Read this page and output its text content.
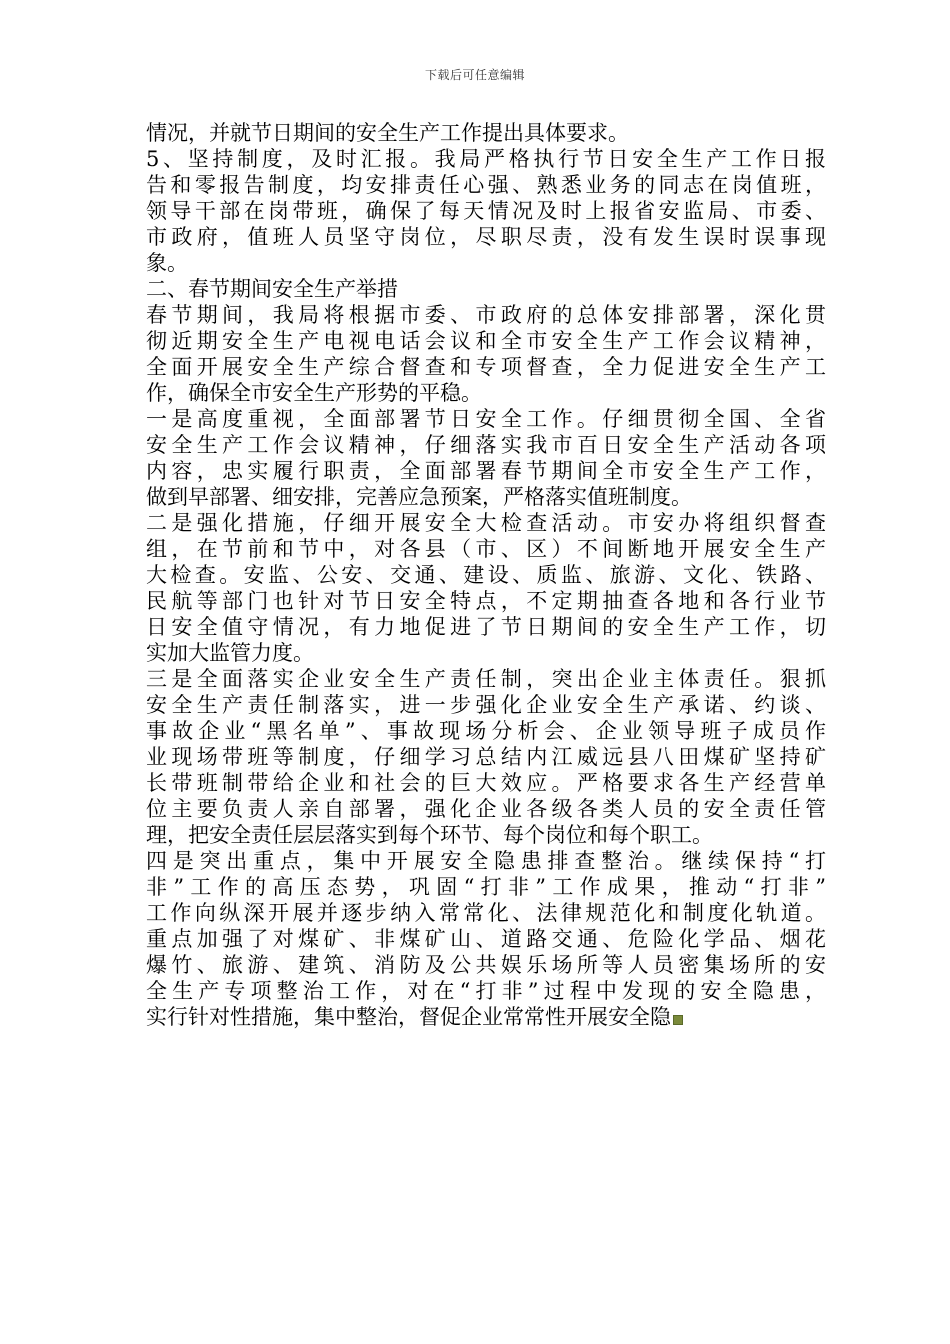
下载后可任意编辑
情况，并就节日期间的安全生产工作提出具体要求。
5、坚持制度，及时汇报。我局严格执行节日安全生产工作日报
告和零报告制度，均安排责任心强、熟悉业务的同志在岗值班，
领导干部在岗带班，确保了每天情况及时上报省安监局、市委、
市政府，值班人员坚守岗位，尽职尽责，没有发生误时误事现
象。
二、春节期间安全生产举措
春节期间，我局将根据市委、市政府的总体安排部署，深化贯
彻近期安全生产电视电话会议和全市安全生产工作会议精神，
全面开展安全生产综合督查和专项督查，全力促进安全生产工
作，确保全市安全生产形势的平稳。
一是高度重视，全面部署节日安全工作。仔细贯彻全国、全省
安全生产工作会议精神，仔细落实我市百日安全生产活动各项
内容，忠实履行职责，全面部署春节期间全市安全生产工作，
做到早部署、细安排，完善应急预案，严格落实值班制度。
二是强化措施，仔细开展安全大检查活动。市安办将组织督查
组，在节前和节中，对各县（市、区）不间断地开展安全生产
大检查。安监、公安、交通、建设、质监、旅游、文化、铁路、
民航等部门也针对节日安全特点，不定期抽查各地和各行业节
日安全值守情况，有力地促进了节日期间的安全生产工作，切
实加大监管力度。
三是全面落实企业安全生产责任制，突出企业主体责任。狠抓
安全生产责任制落实，进一步强化企业安全生产承诺、约谈、
事故企业“黑名单”、事故现场分析会、企业领导班子成员作
业现场带班等制度，仔细学习总结内江威远县八田煤矿坚持矿
长带班制带给企业和社会的巨大效应。严格要求各生产经营单
位主要负责人亲自部署，强化企业各级各类人员的安全责任管
理，把安全责任层层落实到每个环节、每个岗位和每个职工。
四是突出重点，集中开展安全隐患排查整治。继续保持“打
非”工作的高压态势，巩固“打非”工作成果，推动“打非”
工作向纵深开展并逐步纳入常常化、法律规范化和制度化轨道。
重点加强了对煤矿、非煤矿山、道路交通、危险化学品、烟花
爆竹、旅游、建筑、消防及公共娱乐场所等人员密集场所的安
全生产专项整治工作，对在“打非”过程中发现的安全隐患，
实行针对性措施，集中整治，督促企业常常性开展安全隐
